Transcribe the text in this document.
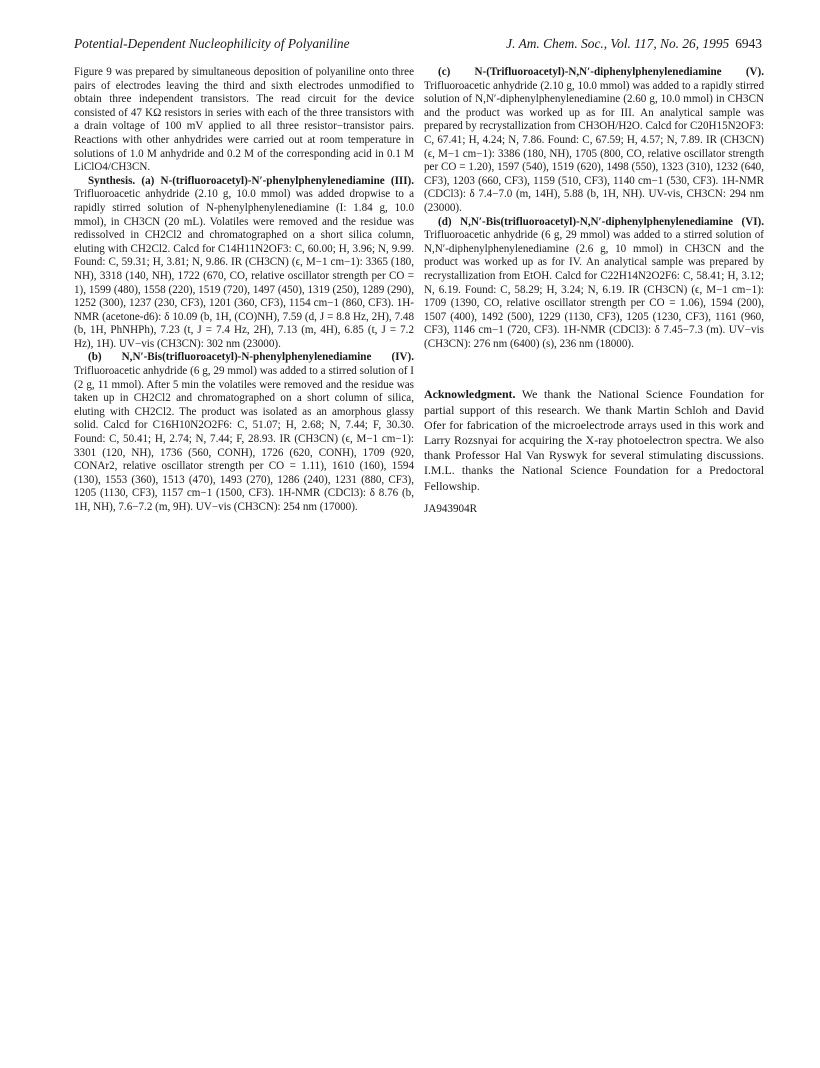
Potential-Dependent Nucleophilicity of Polyaniline	J. Am. Chem. Soc., Vol. 117, No. 26, 1995 6943

Figure 9 was prepared by simultaneous deposition of polyaniline onto three pairs of electrodes leaving the third and sixth electrodes unmodified to obtain three independent transistors. The read circuit for the device consisted of 47 KΩ resistors in series with each of the three transistors with a drain voltage of 100 mV applied to all three resistor−transistor pairs. Reactions with other anhydrides were carried out at room temperature in solutions of 1.0 M anhydride and 0.2 M of the corresponding acid in 0.1 M LiClO4/CH3CN.

Synthesis. (a) N-(trifluoroacetyl)-N′-phenylphenylenediamine (III). Trifluoroacetic anhydride (2.10 g, 10.0 mmol) was added dropwise to a rapidly stirred solution of N-phenylphenylenediamine (I: 1.84 g, 10.0 mmol), in CH3CN (20 mL). Volatiles were removed and the residue was redissolved in CH2Cl2 and chromatographed on a short silica column, eluting with CH2Cl2. Calcd for C14H11N2OF3: C, 60.00; H, 3.96; N, 9.99. Found: C, 59.31; H, 3.81; N, 9.86. IR (CH3CN) (ϵ, M−1 cm−1): 3365 (180, NH), 3318 (140, NH), 1722 (670, CO, relative oscillator strength per CO = 1), 1599 (480), 1558 (220), 1519 (720), 1497 (450), 1319 (250), 1289 (290), 1252 (300), 1237 (230, CF3), 1201 (360, CF3), 1154 cm−1 (860, CF3). 1H-NMR (acetone-d6): δ 10.09 (b, 1H, (CO)NH), 7.59 (d, J = 8.8 Hz, 2H), 7.48 (b, 1H, PhNHPh), 7.23 (t, J = 7.4 Hz, 2H), 7.13 (m, 4H), 6.85 (t, J = 7.2 Hz), 1H). UV−vis (CH3CN): 302 nm (23000).

(b) N,N′-Bis(trifluoroacetyl)-N-phenylphenylenediamine (IV). Trifluoroacetic anhydride (6 g, 29 mmol) was added to a stirred solution of I (2 g, 11 mmol). After 5 min the volatiles were removed and the residue was taken up in CH2Cl2 and chromatographed on a short column of silica, eluting with CH2Cl2. The product was isolated as an amorphous glassy solid. Calcd for C16H10N2O2F6: C, 51.07; H, 2.68; N, 7.44; F, 30.30. Found: C, 50.41; H, 2.74; N, 7.44; F, 28.93. IR (CH3CN) (ϵ, M−1 cm−1): 3301 (120, NH), 1736 (560, CONH), 1726 (620, CONH), 1709 (920, CONAr2, relative oscillator strength per CO = 1.11), 1610 (160), 1594 (130), 1553 (360), 1513 (470), 1493 (270), 1286 (240), 1231 (880, CF3), 1205 (1130, CF3), 1157 cm−1 (1500, CF3). 1H-NMR (CDCl3): δ 8.76 (b, 1H, NH), 7.6−7.2 (m, 9H). UV−vis (CH3CN): 254 nm (17000).

(c) N-(Trifluoroacetyl)-N,N′-diphenylphenylenediamine (V). Trifluoroacetic anhydride (2.10 g, 10.0 mmol) was added to a rapidly stirred solution of N,N′-diphenylphenylenediamine (2.60 g, 10.0 mmol) in CH3CN and the product was worked up as for III. An analytical sample was prepared by recrystallization from CH3OH/H2O. Calcd for C20H15N2OF3: C, 67.41; H, 4.24; N, 7.86. Found: C, 67.59; H, 4.57; N, 7.89. IR (CH3CN) (ϵ, M−1 cm−1): 3386 (180, NH), 1705 (800, CO, relative oscillator strength per CO = 1.20), 1597 (540), 1519 (620), 1498 (550), 1323 (310), 1232 (640, CF3), 1203 (660, CF3), 1159 (510, CF3), 1140 cm−1 (530, CF3). 1H-NMR (CDCl3): δ 7.4−7.0 (m, 14H), 5.88 (b, 1H, NH). UV-vis, CH3CN: 294 nm (23000).

(d) N,N′-Bis(trifluoroacetyl)-N,N′-diphenylphenylenediamine (VI). Trifluoroacetic anhydride (6 g, 29 mmol) was added to a stirred solution of N,N′-diphenylphenylenediamine (2.6 g, 10 mmol) in CH3CN and the product was worked up as for IV. An analytical sample was prepared by recrystallization from EtOH. Calcd for C22H14N2O2F6: C, 58.41; H, 3.12; N, 6.19. Found: C, 58.29; H, 3.24; N, 6.19. IR (CH3CN) (ϵ, M−1 cm−1): 1709 (1390, CO, relative oscillator strength per CO = 1.06), 1594 (200), 1507 (400), 1492 (500), 1229 (1130, CF3), 1205 (1230, CF3), 1161 (960, CF3), 1146 cm−1 (720, CF3). 1H-NMR (CDCl3): δ 7.45−7.3 (m). UV−vis (CH3CN): 276 nm (6400) (s), 236 nm (18000).

Acknowledgment. We thank the National Science Foundation for partial support of this research. We thank Martin Schloh and David Ofer for fabrication of the microelectrode arrays used in this work and Larry Rozsnyai for acquiring the X-ray photoelectron spectra. We also thank Professor Hal Van Ryswyk for several stimulating discussions. I.M.L. thanks the National Science Foundation for a Predoctoral Fellowship.

JA943904R
